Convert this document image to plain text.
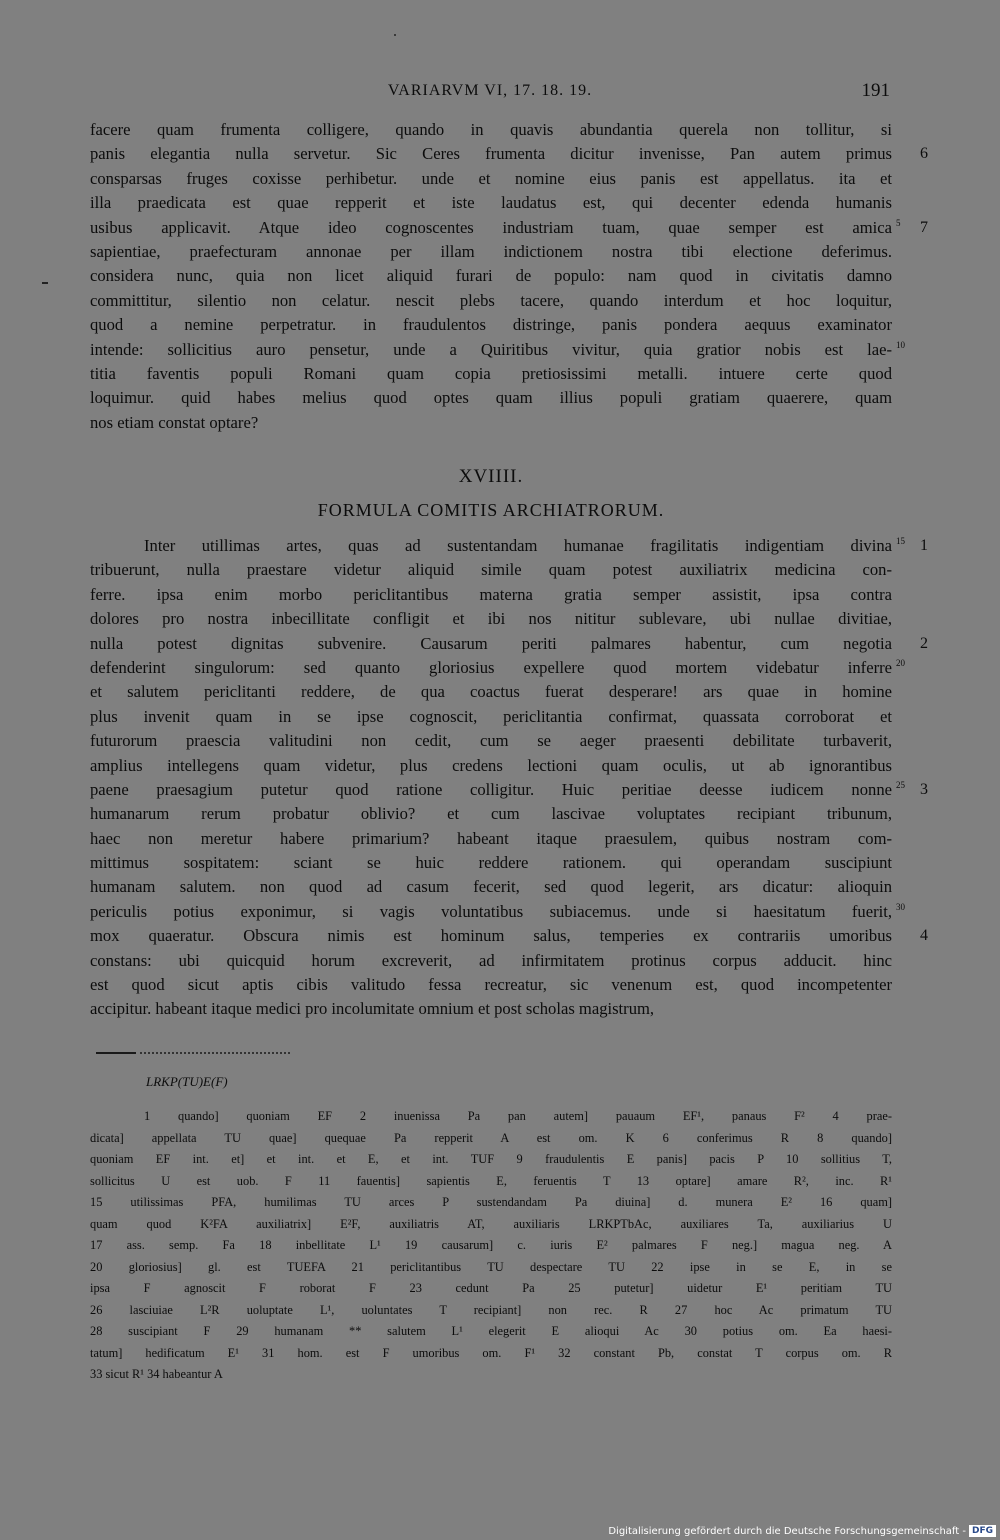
VARIARVM VI, 17. 18. 19.	191
facere quam frumenta colligere, quando in quavis abundantia querela non tollitur, si
panis elegantia nulla servetur. Sic Ceres frumenta dicitur invenisse, Pan autem primus 6
consparsas fruges coxisse perhibetur. unde et nomine eius panis est appellatus. ita et
illa praedicata est quae repperit et iste laudatus est, qui decenter edenda humanis
usibus applicavit. Atque ideo cognoscentes industriam tuam, quae semper est amica 5 7
sapientiae, praefecturam annonae per illam indictionem nostra tibi electione deferimus.
considera nunc, quia non licet aliquid furari de populo: nam quod in civitatis damno
committitur, silentio non celatur. nescit plebs tacere, quando interdum et hoc loquitur,
quod a nemine perpetratur. in fraudulentos distringe, panis pondera aequus examinator
intende: sollicitius auro pensetur, unde a Quiritibus vivitur, quia gratior nobis est lae- 10
titia faventis populi Romani quam copia pretiosissimi metalli. intuere certe quod
loquimur. quid habes melius quod optes quam illius populi gratiam quaerere, quam
nos etiam constat optare?
XVIIII.
FORMULA COMITIS ARCHIATRORUM.
Inter utillimas artes, quas ad sustentandam humanae fragilitatis indigentiam divina 15 1
tribuerunt, nulla praestare videtur aliquid simile quam potest auxiliatrix medicina con-
ferre. ipsa enim morbo periclitantibus materna gratia semper assistit, ipsa contra
dolores pro nostra inbecillitate confligit et ibi nos nititur sublevare, ubi nullae divitiae,
nulla potest dignitas subvenire. Causarum periti palmares habentur, cum negotia 2
defenderint singulorum: sed quanto gloriosius expellere quod mortem videbatur inferre 20
et salutem periclitanti reddere, de qua coactus fuerat desperare! ars quae in homine
plus invenit quam in se ipse cognoscit, periclitantia confirmat, quassata corroborat et
futurorum praescia valitudini non cedit, cum se aeger praesenti debilitate turbaverit,
amplius intellegens quam videtur, plus credens lectioni quam oculis, ut ab ignorantibus
paene praesagium putetur quod ratione colligitur. Huic peritiae deesse iudicem nonne 25 3
humanarum rerum probatur oblivio? et cum lascivae voluptates recipiant tribunum,
haec non meretur habere primarium? habeant itaque praesulem, quibus nostram com-
mittimus sospitatem: sciant se huic reddere rationem. qui operandam suscipiunt
humanam salutem. non quod ad casum fecerit, sed quod legerit, ars dicatur: alioquin
periculis potius exponimur, si vagis voluntatibus subiacemus. unde si haesitatum fuerit, 30
mox quaeratur. Obscura nimis est hominum salus, temperies ex contrariis umoribus 4
constans: ubi quicquid horum excreverit, ad infirmitatem protinus corpus adducit. hinc
est quod sicut aptis cibis valitudo fessa recreatur, sic venenum est, quod incompetenter
accipitur. habeant itaque medici pro incolumitate omnium et post scholas magistrum,
LRKP(TU)E(F)
1 quando] quoniam EF 2 inuenissa Pa pan autem] pauaum EF¹, panaus F² 4 prae-
dicata] appellata TU quae] quequae Pa repperit A est om. K 6 conferimus R 8 quando]
quoniam EF int. et] et int. et E, et int. TUF 9 fraudulentis E panis] pacis P 10 sollitius T,
sollicitus U est uob. F 11 fauentis] sapientis E, feruentis T 13 optare] amare R², inc. R¹
15 utilissimas PFA, humilimas TU arces P sustendandam Pa diuina] d. munera E² 16 quam]
quam quod K²FA auxiliatrix] E²F, auxiliatris AT, auxiliaris LRKPTbAc, auxiliares Ta, auxiliarius U
17 ass. semp. Fa 18 inbellitate L¹ 19 causarum] c. iuris E² palmares F neg.] magua neg. A
20 gloriosius] gl. est TUEFA 21 periclitantibus TU despectare TU 22 ipse in se E, in se
ipsa F agnoscit F roborat F 23 cedunt Pa 25 putetur] uidetur E¹ peritiam TU
26 lasciuiae L²R uoluptate L¹, uoluntates T recipiant] non rec. R 27 hoc Ac primatum TU
28 suscipiant F 29 humanam ** salutem L¹ elegerit E alioqui Ac 30 potius om. Ea haesi-
tatum] hedificatum E¹ 31 hom. est F umoribus om. F¹ 32 constant Pb, constat T corpus om. R
33 sicut R¹ 34 habeantur A
Digitalisierung gefördert durch die Deutsche Forschungsgemeinschaft - DFG
